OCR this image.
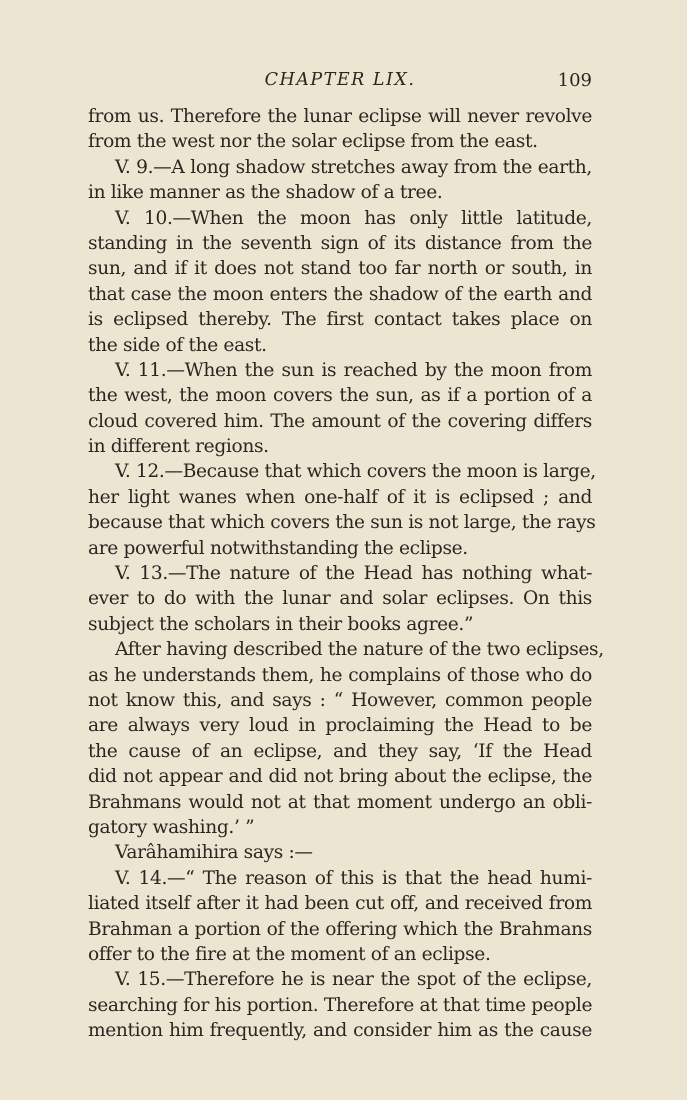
CHAPTER LIX.	109
from us. Therefore the lunar eclipse will never revolve
from the west nor the solar eclipse from the east.
V. 9.—A long shadow stretches away from the earth,
in like manner as the shadow of a tree.
V. 10.—When the moon has only little latitude,
standing in the seventh sign of its distance from the
sun, and if it does not stand too far north or south, in
that case the moon enters the shadow of the earth and
is eclipsed thereby. The first contact takes place on
the side of the east.
V. 11.—When the sun is reached by the moon from
the west, the moon covers the sun, as if a portion of a
cloud covered him. The amount of the covering differs
in different regions.
V. 12.—Because that which covers the moon is large,
her light wanes when one-half of it is eclipsed ; and
because that which covers the sun is not large, the rays
are powerful notwithstanding the eclipse.
V. 13.—The nature of the Head has nothing what-
ever to do with the lunar and solar eclipses. On this
subject the scholars in their books agree.”
After having described the nature of the two eclipses,
as he understands them, he complains of those who do
not know this, and says : “ However, common people
are always very loud in proclaiming the Head to be
the cause of an eclipse, and they say, ‘If the Head
did not appear and did not bring about the eclipse, the
Brahmans would not at that moment undergo an obli-
gatory washing.’ ”
Varâhamihira says :—
V. 14.—“ The reason of this is that the head humi-
liated itself after it had been cut off, and received from
Brahman a portion of the offering which the Brahmans
offer to the fire at the moment of an eclipse.
V. 15.—Therefore he is near the spot of the eclipse,
searching for his portion. Therefore at that time people
mention him frequently, and consider him as the cause
